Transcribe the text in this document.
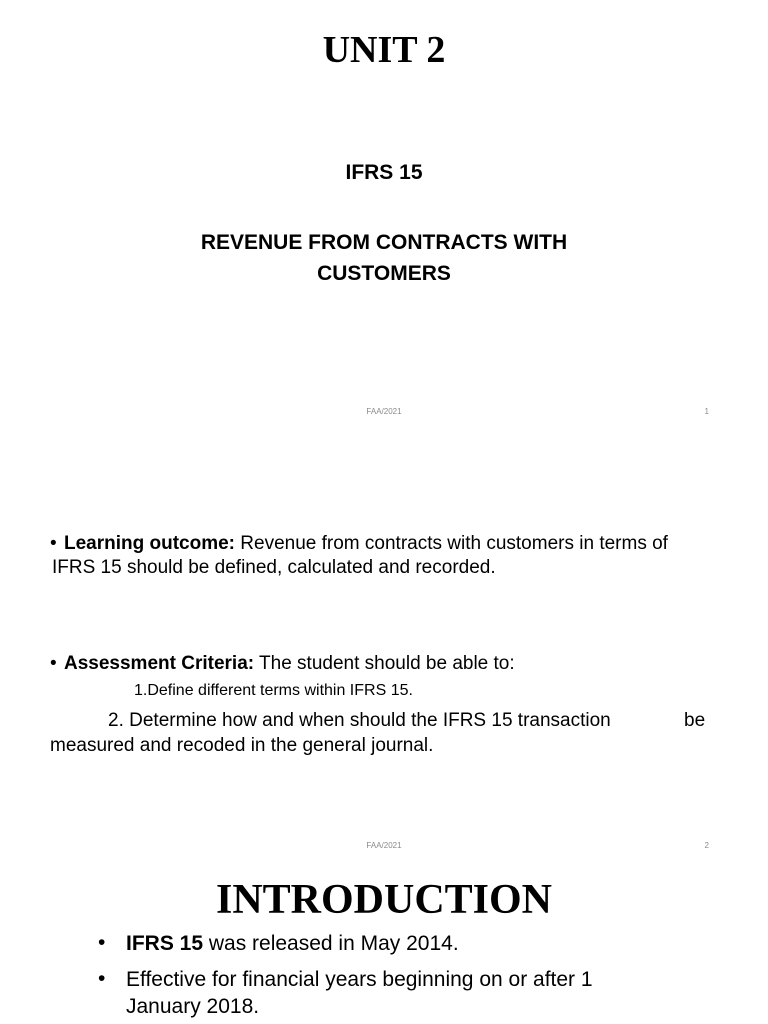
UNIT 2
IFRS 15
REVENUE FROM CONTRACTS WITH
CUSTOMERS
FAA/2021	1
• Learning outcome: Revenue from contracts with customers in terms of
IFRS 15 should be defined, calculated and recorded.
• Assessment Criteria: The student should be able to:
1.Define different terms within IFRS 15.
2. Determine how and when should the IFRS 15 transaction	be
measured and recoded in the general journal.
FAA/2021	2
INTRODUCTION
• IFRS 15 was released in May 2014.
• Effective for financial years beginning on or after 1
January 2018.
